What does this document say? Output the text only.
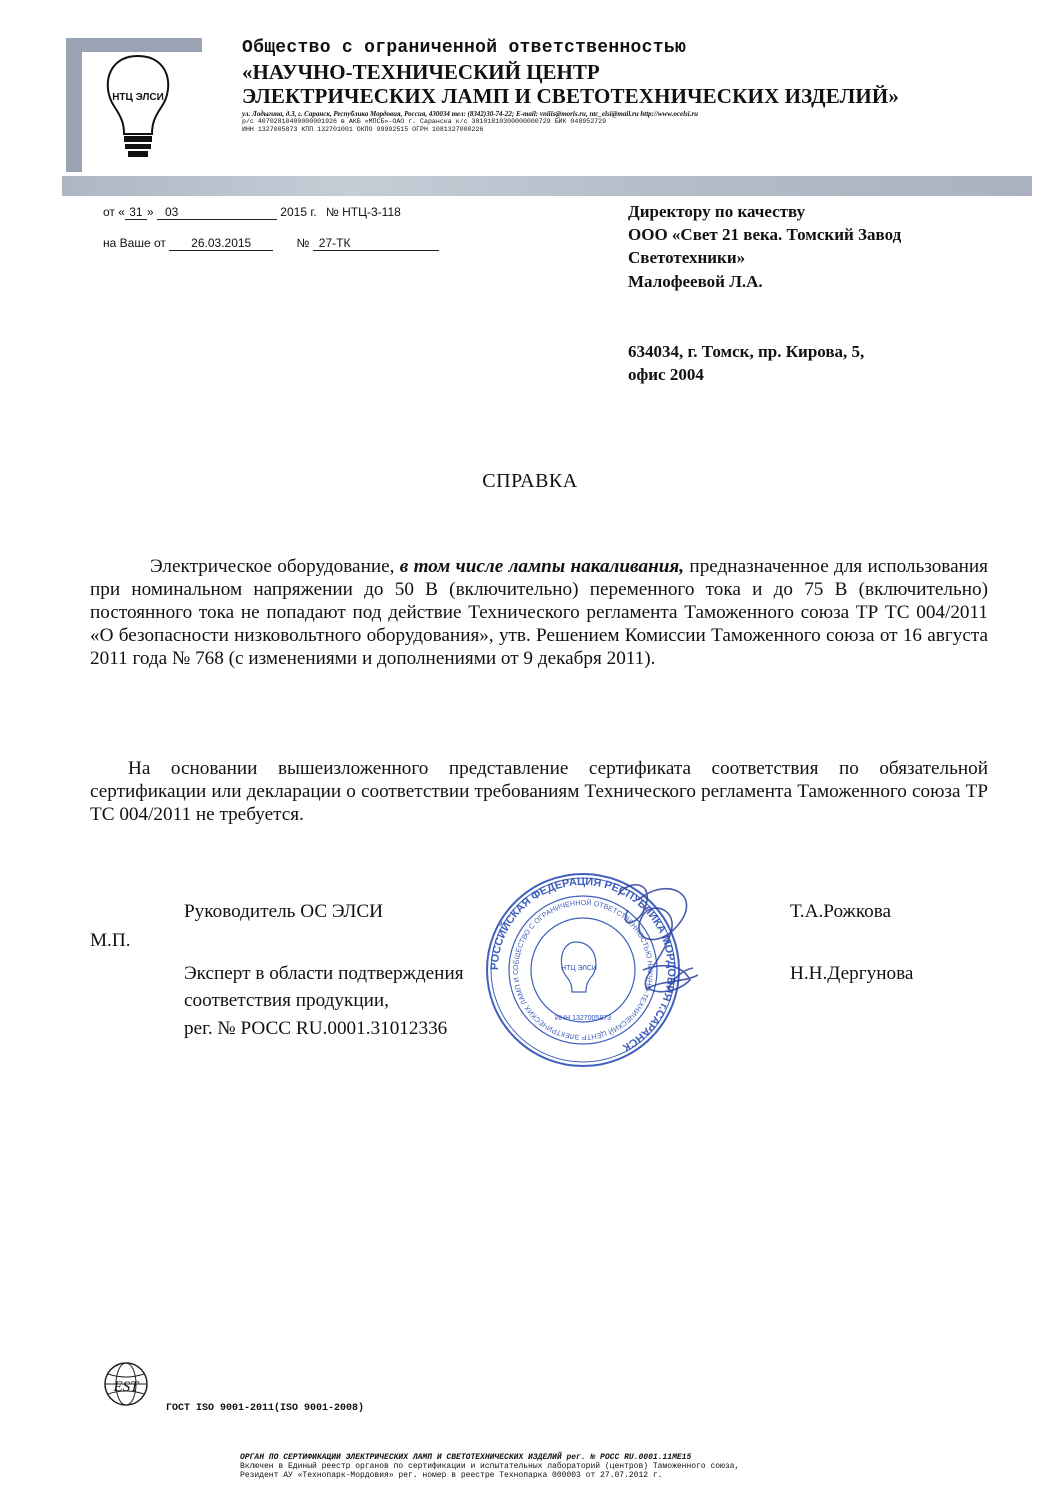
НТЦ ЭЛСИ
Общество с ограниченной ответственностью
«НАУЧНО-ТЕХНИЧЕСКИЙ ЦЕНТР
ЭЛЕКТРИЧЕСКИХ ЛАМП И СВЕТОТЕХНИЧЕСКИХ ИЗДЕЛИЙ»
ул. Лодыгина, д.3, г. Саранск, Республика Мордовия, Россия, 430034 тел: (8342)30-74-22; E-mail: vniiis@moris.ru, ntc_elsi@mail.ru http://www.ocelsi.ru
р/с 40702810400000001926 в АКБ «МПСБ»-ОАО г. Саранска к/с 30101810300000000729 БИК 048952729
ИНН 1327005873 КПП 132701001 ОКПО 99992515 ОГРН 1081327000226
от « 31 » 03	2015 г. № НТЦ-3-118
на Ваше от 26.03.2015	№ 27-ТК
Директору по качеству
ООО «Свет 21 века. Томский Завод
Светотехники»
Малофеевой Л.А.
634034, г. Томск, пр. Кирова, 5,
офис 2004
СПРАВКА
Электрическое оборудование, в том числе лампы накаливания, предназначенное для использования при номинальном напряжении до 50 В (включительно) переменного тока и до 75 В (включительно) постоянного тока не попадают под действие Технического регламента Таможенного союза ТР ТС 004/2011 «О безопасности низковольтного оборудования», утв. Решением Комиссии Таможенного союза от 16 августа 2011 года № 768 (с изменениями и дополнениями от 9 декабря 2011).
На основании вышеизложенного представление сертификата соответствия по обязательной сертификации или декларации о соответствии требованиям Технического регламента Таможенного союза ТР ТС 004/2011 не требуется.
Руководитель ОС ЭЛСИ	Т.А.Рожкова
М.П.
Эксперт в области подтверждения
соответствия продукции,
рег. № РОСС RU.0001.31012336
Н.Н.Дергунова
РОССИЙСКАЯ ФЕДЕРАЦИЯ РЕСПУБЛИКА МОРДОВИЯ г.САРАНСК
ОБЩЕСТВО С ОГРАНИЧЕННОЙ ОТВЕТСТВЕННОСТЬЮ НАУЧНО-ТЕХНИЧЕСКИЙ ЦЕНТР ЭЛЕКТРИЧЕСКИХ ЛАМП И С
НТЦ ЭЛСИ
ИНН 1327005873
EST
ГОСТ ISO 9001-2011(ISO 9001-2008)
ОРГАН ПО СЕРТИФИКАЦИИ ЭЛЕКТРИЧЕСКИХ ЛАМП И СВЕТОТЕХНИЧЕСКИХ ИЗДЕЛИЙ рег. № РОСС RU.0001.11МЕ15
Включен в Единый реестр органов по сертификации и испытательных лабораторий (центров) Таможенного союза,
Резидент АУ «Технопарк-Мордовия» рег. номер в реестре Технопарка 000003 от 27.07.2012 г.
